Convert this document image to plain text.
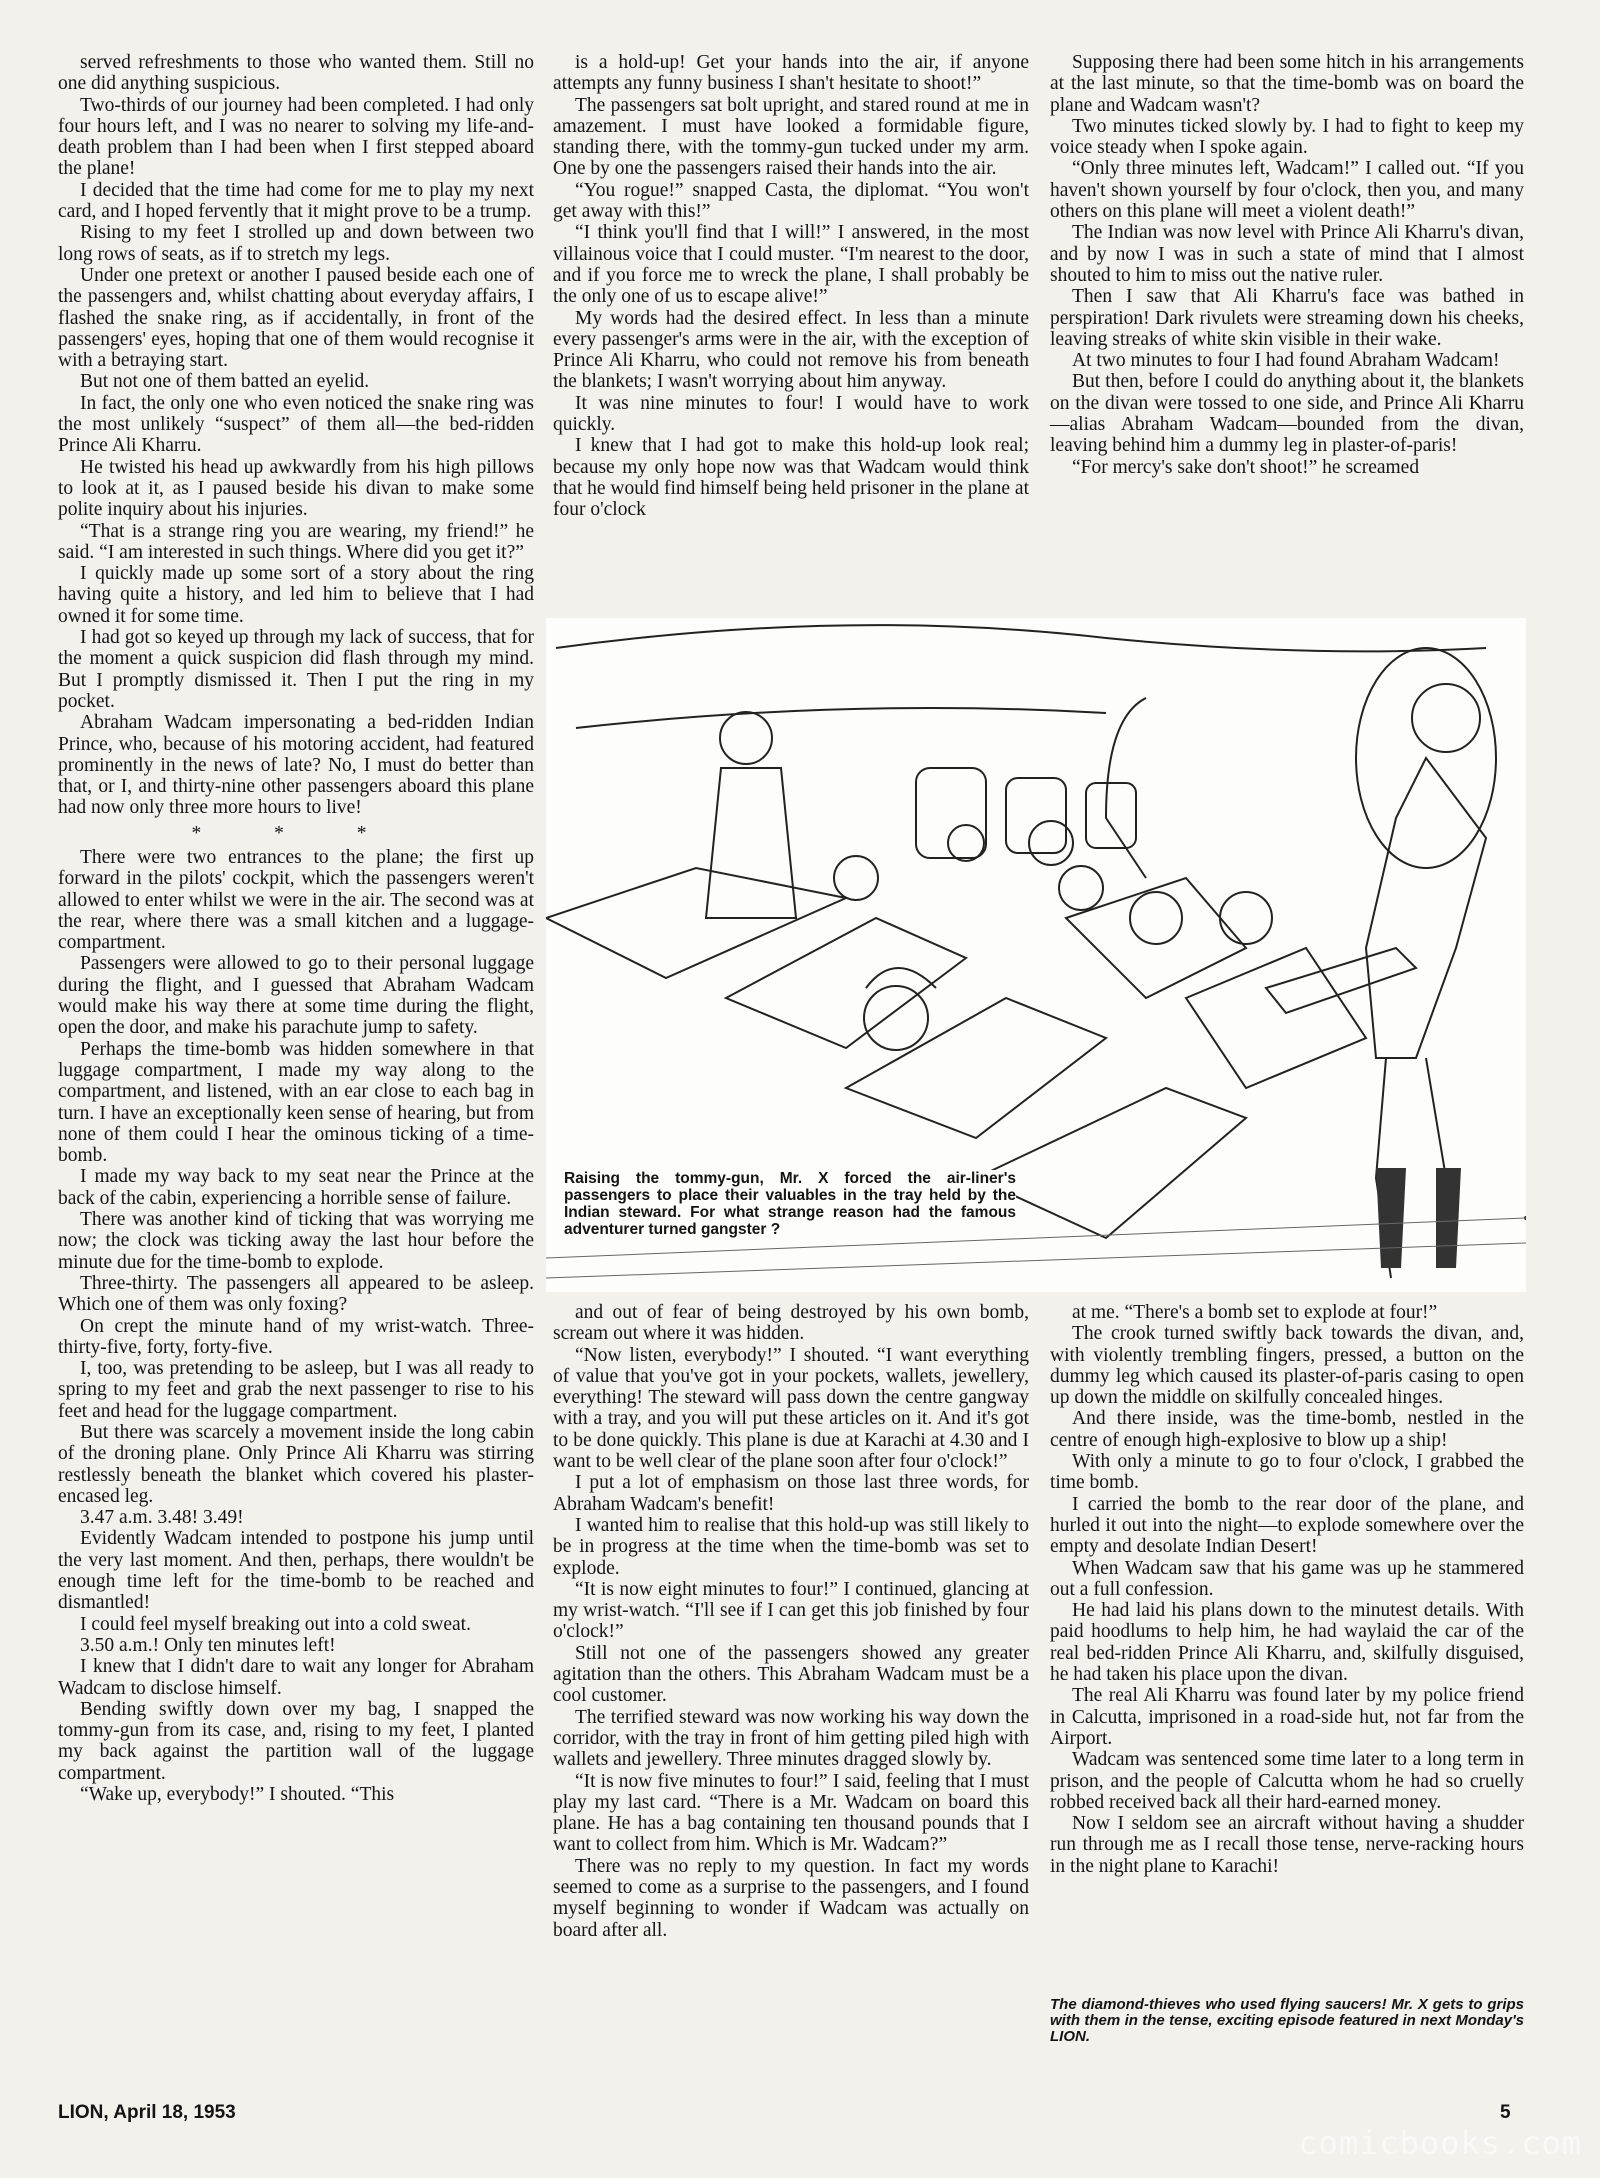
served refreshments to those who wanted them. Still no one did anything suspicious.

Two-thirds of our journey had been completed. I had only four hours left, and I was no nearer to solving my life-and-death problem than I had been when I first stepped aboard the plane!

I decided that the time had come for me to play my next card, and I hoped fervently that it might prove to be a trump.

Rising to my feet I strolled up and down between two long rows of seats, as if to stretch my legs.

Under one pretext or another I paused beside each one of the passengers and, whilst chatting about everyday affairs, I flashed the snake ring, as if accidentally, in front of the passengers' eyes, hoping that one of them would recognise it with a betraying start.

But not one of them batted an eyelid.

In fact, the only one who even noticed the snake ring was the most unlikely “suspect” of them all—the bed-ridden Prince Ali Kharru.

He twisted his head up awkwardly from his high pillows to look at it, as I paused beside his divan to make some polite inquiry about his injuries.

“That is a strange ring you are wearing, my friend!” he said. “I am interested in such things. Where did you get it?”

I quickly made up some sort of a story about the ring having quite a history, and led him to believe that I had owned it for some time.

I had got so keyed up through my lack of success, that for the moment a quick suspicion did flash through my mind. But I promptly dismissed it. Then I put the ring in my pocket.

Abraham Wadcam impersonating a bed-ridden Indian Prince, who, because of his motoring accident, had featured prominently in the news of late? No, I must do better than that, or I, and thirty-nine other passengers aboard this plane had now only three more hours to live!

* * *

There were two entrances to the plane; the first up forward in the pilots' cockpit, which the passengers weren't allowed to enter whilst we were in the air. The second was at the rear, where there was a small kitchen and a luggage-compartment.

Passengers were allowed to go to their personal luggage during the flight, and I guessed that Abraham Wadcam would make his way there at some time during the flight, open the door, and make his parachute jump to safety.

Perhaps the time-bomb was hidden somewhere in that luggage compartment, I made my way along to the compartment, and listened, with an ear close to each bag in turn. I have an exceptionally keen sense of hearing, but from none of them could I hear the ominous ticking of a time-bomb.

I made my way back to my seat near the Prince at the back of the cabin, experiencing a horrible sense of failure.

There was another kind of ticking that was worrying me now; the clock was ticking away the last hour before the minute due for the time-bomb to explode.

Three-thirty. The passengers all appeared to be asleep. Which one of them was only foxing?

On crept the minute hand of my wrist-watch. Three-thirty-five, forty, forty-five.

I, too, was pretending to be asleep, but I was all ready to spring to my feet and grab the next passenger to rise to his feet and head for the luggage compartment.

But there was scarcely a movement inside the long cabin of the droning plane. Only Prince Ali Kharru was stirring restlessly beneath the blanket which covered his plaster-encased leg.

3.47 a.m. 3.48! 3.49!

Evidently Wadcam intended to postpone his jump until the very last moment. And then, perhaps, there wouldn't be enough time left for the time-bomb to be reached and dismantled!

I could feel myself breaking out into a cold sweat.

3.50 a.m.! Only ten minutes left!

I knew that I didn't dare to wait any longer for Abraham Wadcam to disclose himself.

Bending swiftly down over my bag, I snapped the tommy-gun from its case, and, rising to my feet, I planted my back against the partition wall of the luggage compartment.

“Wake up, everybody!” I shouted. “This

is a hold-up! Get your hands into the air, if anyone attempts any funny business I shan't hesitate to shoot!”

The passengers sat bolt upright, and stared round at me in amazement. I must have looked a formidable figure, standing there, with the tommy-gun tucked under my arm. One by one the passengers raised their hands into the air.

“You rogue!” snapped Casta, the diplomat. “You won't get away with this!”

“I think you'll find that I will!” I answered, in the most villainous voice that I could muster. “I'm nearest to the door, and if you force me to wreck the plane, I shall probably be the only one of us to escape alive!”

My words had the desired effect. In less than a minute every passenger's arms were in the air, with the exception of Prince Ali Kharru, who could not remove his from beneath the blankets; I wasn't worrying about him anyway.

It was nine minutes to four! I would have to work quickly.

I knew that I had got to make this hold-up look real; because my only hope now was that Wadcam would think that he would find himself being held prisoner in the plane at four o'clock

Supposing there had been some hitch in his arrangements at the last minute, so that the time-bomb was on board the plane and Wadcam wasn't?

Two minutes ticked slowly by. I had to fight to keep my voice steady when I spoke again.

“Only three minutes left, Wadcam!” I called out. “If you haven't shown yourself by four o'clock, then you, and many others on this plane will meet a violent death!”

The Indian was now level with Prince Ali Kharru's divan, and by now I was in such a state of mind that I almost shouted to him to miss out the native ruler.

Then I saw that Ali Kharru's face was bathed in perspiration! Dark rivulets were streaming down his cheeks, leaving streaks of white skin visible in their wake.

At two minutes to four I had found Abraham Wadcam!

But then, before I could do anything about it, the blankets on the divan were tossed to one side, and Prince Ali Kharru—alias Abraham Wadcam—bounded from the divan, leaving behind him a dummy leg in plaster-of-paris!

“For mercy's sake don't shoot!” he screamed

Raising the tommy-gun, Mr. X forced the air-liner's passengers to place their valuables in the tray held by the Indian steward. For what strange reason had the famous adventurer turned gangster ?

and out of fear of being destroyed by his own bomb, scream out where it was hidden.

“Now listen, everybody!” I shouted. “I want everything of value that you've got in your pockets, wallets, jewellery, everything! The steward will pass down the centre gangway with a tray, and you will put these articles on it. And it's got to be done quickly. This plane is due at Karachi at 4.30 and I want to be well clear of the plane soon after four o'clock!”

I put a lot of emphasism on those last three words, for Abraham Wadcam's benefit!

I wanted him to realise that this hold-up was still likely to be in progress at the time when the time-bomb was set to explode.

“It is now eight minutes to four!” I continued, glancing at my wrist-watch. “I'll see if I can get this job finished by four o'clock!”

Still not one of the passengers showed any greater agitation than the others. This Abraham Wadcam must be a cool customer.

The terrified steward was now working his way down the corridor, with the tray in front of him getting piled high with wallets and jewellery. Three minutes dragged slowly by.

“It is now five minutes to four!” I said, feeling that I must play my last card. “There is a Mr. Wadcam on board this plane. He has a bag containing ten thousand pounds that I want to collect from him. Which is Mr. Wadcam?”

There was no reply to my question. In fact my words seemed to come as a surprise to the passengers, and I found myself beginning to wonder if Wadcam was actually on board after all.

at me. “There's a bomb set to explode at four!”

The crook turned swiftly back towards the divan, and, with violently trembling fingers, pressed, a button on the dummy leg which caused its plaster-of-paris casing to open up down the middle on skilfully concealed hinges.

And there inside, was the time-bomb, nestled in the centre of enough high-explosive to blow up a ship!

With only a minute to go to four o'clock, I grabbed the time bomb.

I carried the bomb to the rear door of the plane, and hurled it out into the night—to explode somewhere over the empty and desolate Indian Desert!

When Wadcam saw that his game was up he stammered out a full confession.

He had laid his plans down to the minutest details. With paid hoodlums to help him, he had waylaid the car of the real bed-ridden Prince Ali Kharru, and, skilfully disguised, he had taken his place upon the divan.

The real Ali Kharru was found later by my police friend in Calcutta, imprisoned in a road-side hut, not far from the Airport.

Wadcam was sentenced some time later to a long term in prison, and the people of Calcutta whom he had so cruelly robbed received back all their hard-earned money.

Now I seldom see an aircraft without having a shudder run through me as I recall those tense, nerve-racking hours in the night plane to Karachi!

The diamond-thieves who used flying saucers! Mr. X gets to grips with them in the tense, exciting episode featured in next Monday's LION.
LION, April 18, 1953	5
comicbooks.com
